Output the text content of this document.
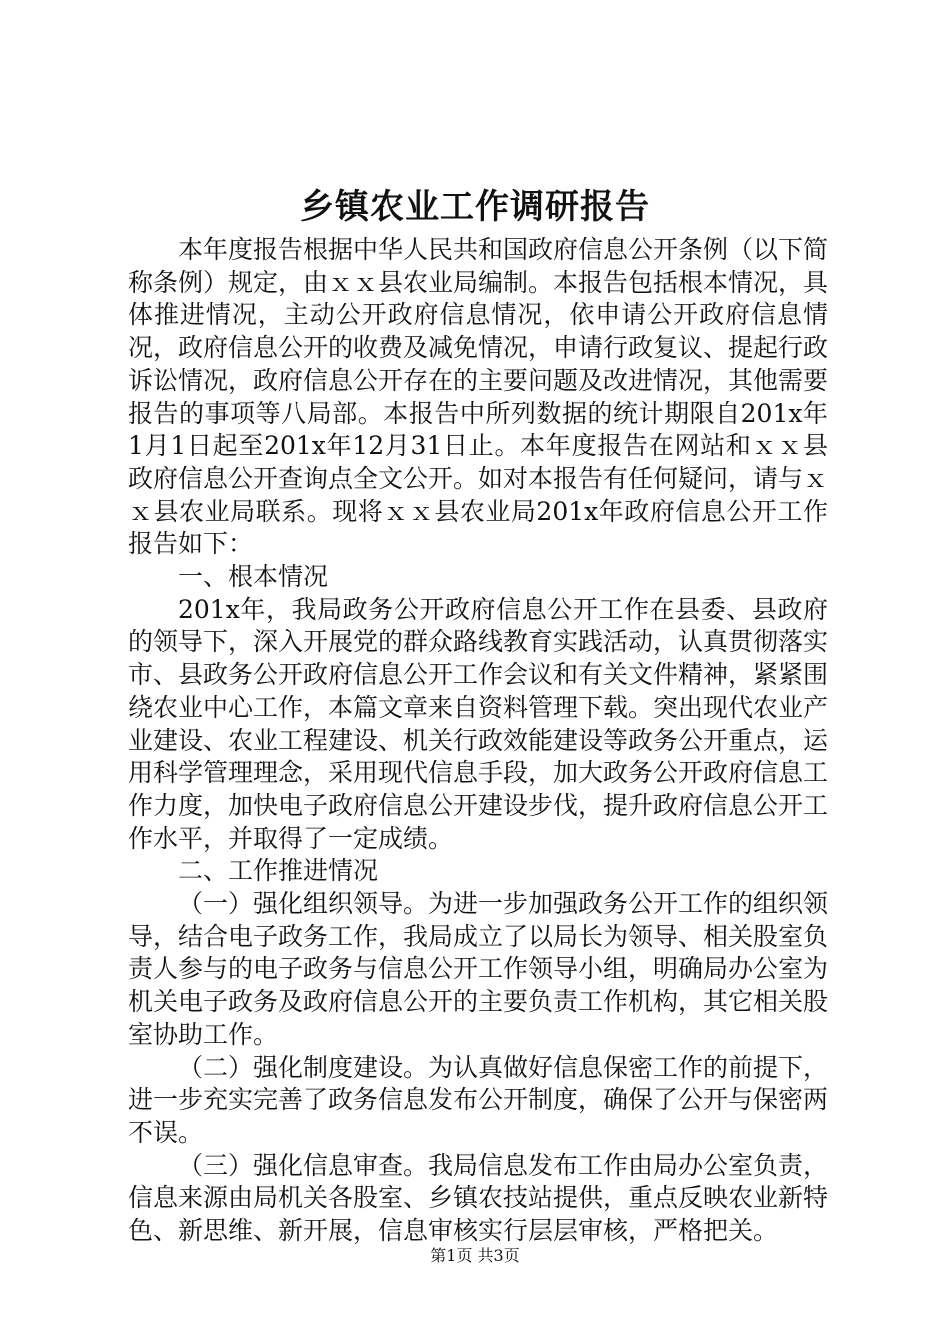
乡镇农业工作调研报告

本年度报告根据中华人民共和国政府信息公开条例（以下简称条例）规定，由ｘｘ县农业局编制。本报告包括根本情况，具体推进情况，主动公开政府信息情况，依申请公开政府信息情况，政府信息公开的收费及减免情况，申请行政复议、提起行政诉讼情况，政府信息公开存在的主要问题及改进情况，其他需要报告的事项等八局部。本报告中所列数据的统计期限自201x年1月1日起至201x年12月31日止。本年度报告在网站和ｘｘ县政府信息公开查询点全文公开。如对本报告有任何疑问，请与ｘｘ县农业局联系。现将ｘｘ县农业局201x年政府信息公开工作报告如下：

一、根本情况

201x年，我局政务公开政府信息公开工作在县委、县政府的领导下，深入开展党的群众路线教育实践活动，认真贯彻落实市、县政务公开政府信息公开工作会议和有关文件精神，紧紧围绕农业中心工作，本篇文章来自资料管理下载。突出现代农业产业建设、农业工程建设、机关行政效能建设等政务公开重点，运用科学管理理念，采用现代信息手段，加大政务公开政府信息工作力度，加快电子政府信息公开建设步伐，提升政府信息公开工作水平，并取得了一定成绩。

二、工作推进情况

（一）强化组织领导。为进一步加强政务公开工作的组织领导，结合电子政务工作，我局成立了以局长为领导、相关股室负责人参与的电子政务与信息公开工作领导小组，明确局办公室为机关电子政务及政府信息公开的主要负责工作机构，其它相关股室协助工作。

（二）强化制度建设。为认真做好信息保密工作的前提下，进一步充实完善了政务信息发布公开制度，确保了公开与保密两不误。

（三）强化信息审查。我局信息发布工作由局办公室负责，信息来源由局机关各股室、乡镇农技站提供，重点反映农业新特色、新思维、新开展，信息审核实行层层审核，严格把关。

第1页 共3页
